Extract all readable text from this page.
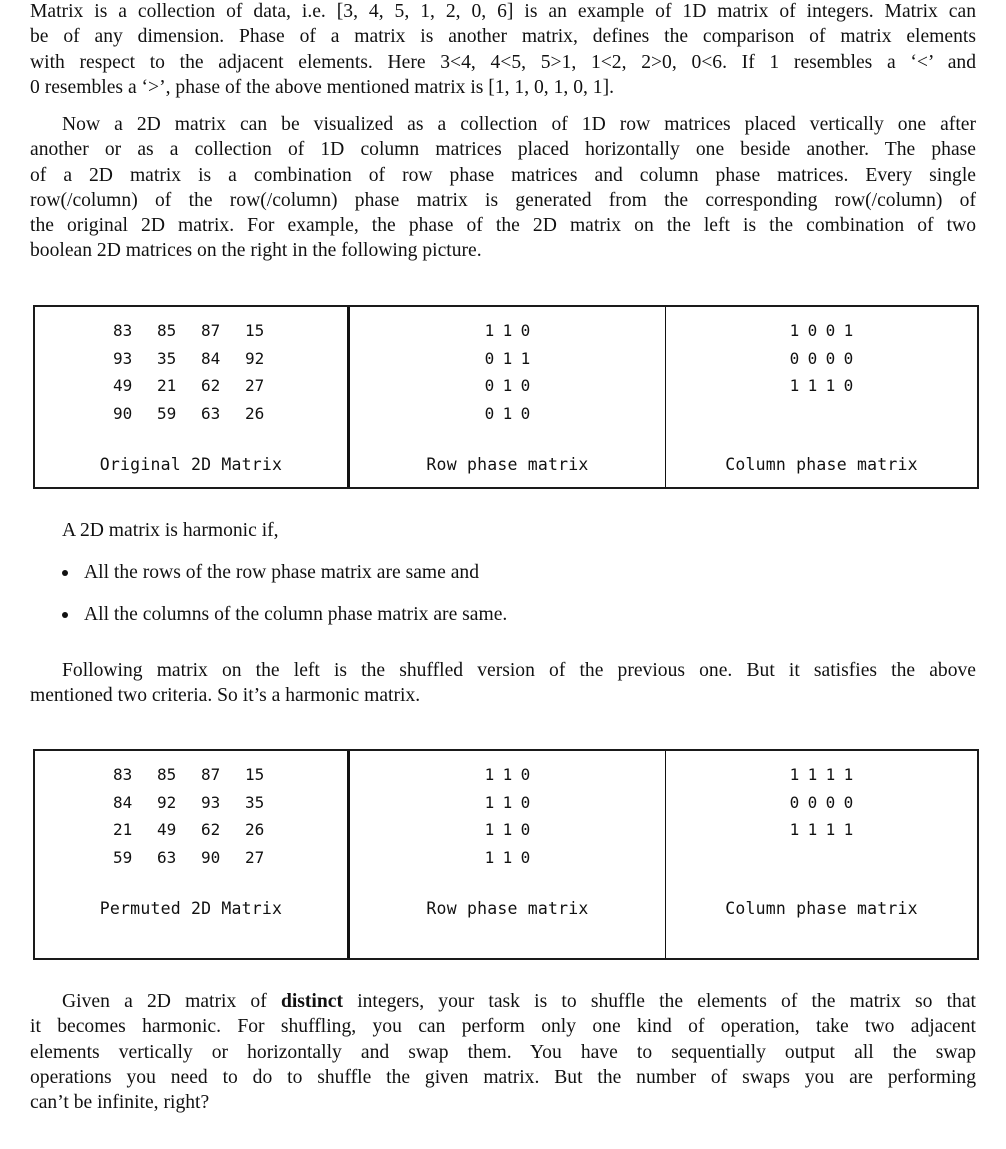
Matrix is a collection of data, i.e. [3, 4, 5, 1, 2, 0, 6] is an example of 1D matrix of integers. Matrix can
be of any dimension. Phase of a matrix is another matrix, defines the comparison of matrix elements
with respect to the adjacent elements. Here 3<4, 4<5, 5>1, 1<2, 2>0, 0<6. If 1 resembles a ‘<’ and
0 resembles a ‘>’, phase of the above mentioned matrix is [1, 1, 0, 1, 0, 1].
Now a 2D matrix can be visualized as a collection of 1D row matrices placed vertically one after
another or as a collection of 1D column matrices placed horizontally one beside another. The phase
of a 2D matrix is a combination of row phase matrices and column phase matrices. Every single
row(/column) of the row(/column) phase matrix is generated from the corresponding row(/column) of
the original 2D matrix. For example, the phase of the 2D matrix on the left is the combination of two
boolean 2D matrices on the right in the following picture.
83 85 87 15
93 35 84 92
49 21 62 27
90 59 63 26
Original 2D Matrix
1 1 0
0 1 1
0 1 0
0 1 0
Row phase matrix
1 0 0 1
0 0 0 0
1 1 1 0
Column phase matrix
A 2D matrix is harmonic if,
All the rows of the row phase matrix are same and
All the columns of the column phase matrix are same.
Following matrix on the left is the shuffled version of the previous one. But it satisfies the above
mentioned two criteria. So it’s a harmonic matrix.
83 85 87 15
84 92 93 35
21 49 62 26
59 63 90 27
Permuted 2D Matrix
1 1 0
1 1 0
1 1 0
1 1 0
Row phase matrix
1 1 1 1
0 0 0 0
1 1 1 1
Column phase matrix
Given a 2D matrix of distinct integers, your task is to shuffle the elements of the matrix so that
it becomes harmonic. For shuffling, you can perform only one kind of operation, take two adjacent
elements vertically or horizontally and swap them. You have to sequentially output all the swap
operations you need to do to shuffle the given matrix. But the number of swaps you are performing
can’t be infinite, right?
